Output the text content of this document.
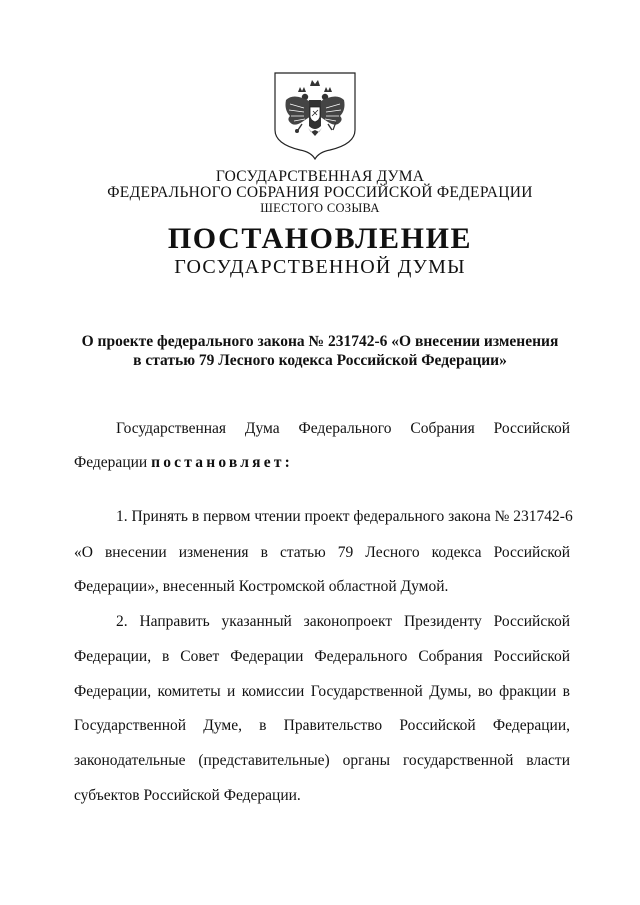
ГОСУДАРСТВЕННАЯ ДУМА
ФЕДЕРАЛЬНОГО СОБРАНИЯ РОССИЙСКОЙ ФЕДЕРАЦИИ
ШЕСТОГО СОЗЫВА
ПОСТАНОВЛЕНИЕ
ГОСУДАРСТВЕННОЙ ДУМЫ
О проекте федерального закона № 231742-6 «О внесении изменения
в статью 79 Лесного кодекса Российской Федерации»
Государственная Дума Федерального Собрания Российской
Федерации постановляет:
1. Принять в первом чтении проект федерального закона № 231742-6
«О внесении изменения в статью 79 Лесного кодекса Российской
Федерации», внесенный Костромской областной Думой.
2. Направить указанный законопроект Президенту Российской
Федерации, в Совет Федерации Федерального Собрания Российской
Федерации, комитеты и комиссии Государственной Думы, во фракции в
Государственной Думе, в Правительство Российской Федерации,
законодательные (представительные) органы государственной власти
субъектов Российской Федерации.
